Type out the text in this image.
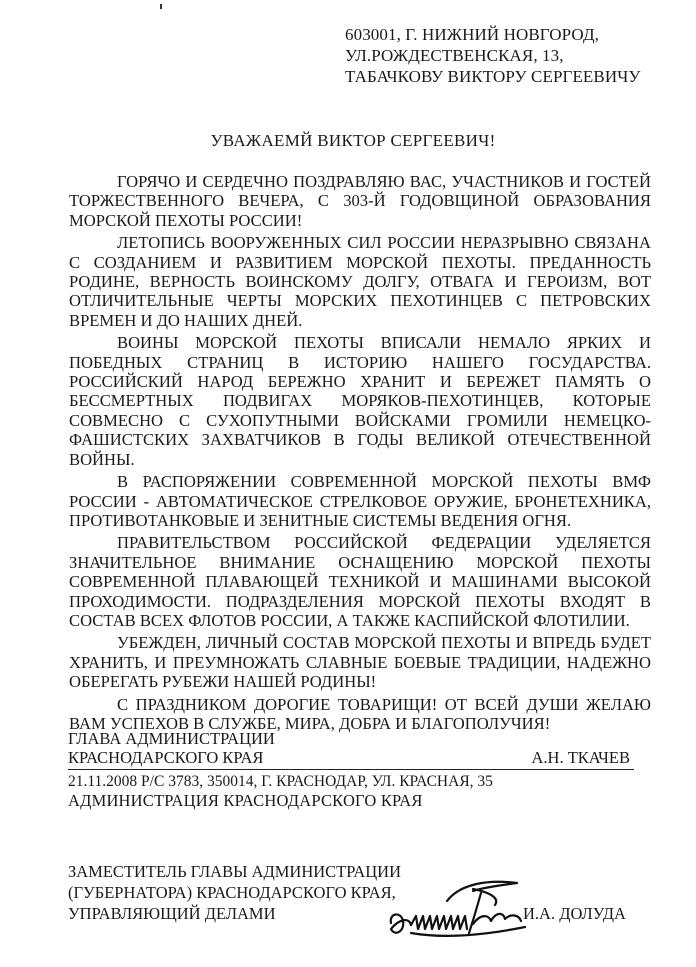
603001, Г. НИЖНИЙ НОВГОРОД,
УЛ.РОЖДЕСТВЕНСКАЯ, 13,
ТАБАЧКОВУ ВИКТОРУ СЕРГЕЕВИЧУ
УВАЖАЕМЙ ВИКТОР СЕРГЕЕВИЧ!

ГОРЯЧО И СЕРДЕЧНО ПОЗДРАВЛЯЮ ВАС, УЧАСТНИКОВ И ГОСТЕЙ ТОРЖЕСТВЕННОГО ВЕЧЕРА, С 303-Й ГОДОВЩИНОЙ ОБРАЗОВАНИЯ МОРСКОЙ ПЕХОТЫ РОССИИ!

ЛЕТОПИСЬ ВООРУЖЕННЫХ СИЛ РОССИИ НЕРАЗРЫВНО СВЯЗАНА С СОЗДАНИЕМ И РАЗВИТИЕМ МОРСКОЙ ПЕХОТЫ. ПРЕДАННОСТЬ РОДИНЕ, ВЕРНОСТЬ ВОИНСКОМУ ДОЛГУ, ОТВАГА И ГЕРОИЗМ, ВОТ ОТЛИЧИТЕЛЬНЫЕ ЧЕРТЫ МОРСКИХ ПЕХОТИНЦЕВ С ПЕТРОВСКИХ ВРЕМЕН И ДО НАШИХ ДНЕЙ.

ВОИНЫ МОРСКОЙ ПЕХОТЫ ВПИСАЛИ НЕМАЛО ЯРКИХ И ПОБЕДНЫХ СТРАНИЦ В ИСТОРИЮ НАШЕГО ГОСУДАРСТВА. РОССИЙСКИЙ НАРОД БЕРЕЖНО ХРАНИТ И БЕРЕЖЕТ ПАМЯТЬ О БЕССМЕРТНЫХ ПОДВИГАХ МОРЯКОВ-ПЕХОТИНЦЕВ, КОТОРЫЕ СОВМЕСНО С СУХОПУТНЫМИ ВОЙСКАМИ ГРОМИЛИ НЕМЕЦКО-ФАШИСТСКИХ ЗАХВАТЧИКОВ В ГОДЫ ВЕЛИКОЙ ОТЕЧЕСТВЕННОЙ ВОЙНЫ.

В РАСПОРЯЖЕНИИ СОВРЕМЕННОЙ МОРСКОЙ ПЕХОТЫ ВМФ РОССИИ - АВТОМАТИЧЕСКОЕ СТРЕЛКОВОЕ ОРУЖИЕ, БРОНЕТЕХНИКА, ПРОТИВОТАНКОВЫЕ И ЗЕНИТНЫЕ СИСТЕМЫ ВЕДЕНИЯ ОГНЯ.

ПРАВИТЕЛЬСТВОМ РОССИЙСКОЙ ФЕДЕРАЦИИ УДЕЛЯЕТСЯ ЗНАЧИТЕЛЬНОЕ ВНИМАНИЕ ОСНАЩЕНИЮ МОРСКОЙ ПЕХОТЫ СОВРЕМЕННОЙ ПЛАВАЮЩЕЙ ТЕХНИКОЙ И МАШИНАМИ ВЫСОКОЙ ПРОХОДИМОСТИ. ПОДРАЗДЕЛЕНИЯ МОРСКОЙ ПЕХОТЫ ВХОДЯТ В СОСТАВ ВСЕХ ФЛОТОВ РОССИИ, А ТАКЖЕ КАСПИЙСКОЙ ФЛОТИЛИИ.

УБЕЖДЕН, ЛИЧНЫЙ СОСТАВ МОРСКОЙ ПЕХОТЫ И ВПРЕДЬ БУДЕТ ХРАНИТЬ, И ПРЕУМНОЖАТЬ СЛАВНЫЕ БОЕВЫЕ ТРАДИЦИИ, НАДЕЖНО ОБЕРЕГАТЬ РУБЕЖИ НАШЕЙ РОДИНЫ!

С ПРАЗДНИКОМ ДОРОГИЕ ТОВАРИЩИ! ОТ ВСЕЙ ДУШИ ЖЕЛАЮ ВАМ УСПЕХОВ В СЛУЖБЕ, МИРА, ДОБРА И БЛАГОПОЛУЧИЯ!

ГЛАВА АДМИНИСТРАЦИИ
КРАСНОДАРСКОГО КРАЯ	А.Н. ТКАЧЕВ
21.11.2008 Р/С 3783, 350014, Г. КРАСНОДАР, УЛ. КРАСНАЯ, 35
АДМИНИСТРАЦИЯ КРАСНОДАРСКОГО КРАЯ
ЗАМЕСТИТЕЛЬ ГЛАВЫ АДМИНИСТРАЦИИ
(ГУБЕРНАТОРА) КРАСНОДАРСКОГО КРАЯ,
УПРАВЛЯЮЩИЙ ДЕЛАМИ	И.А. ДОЛУДА
